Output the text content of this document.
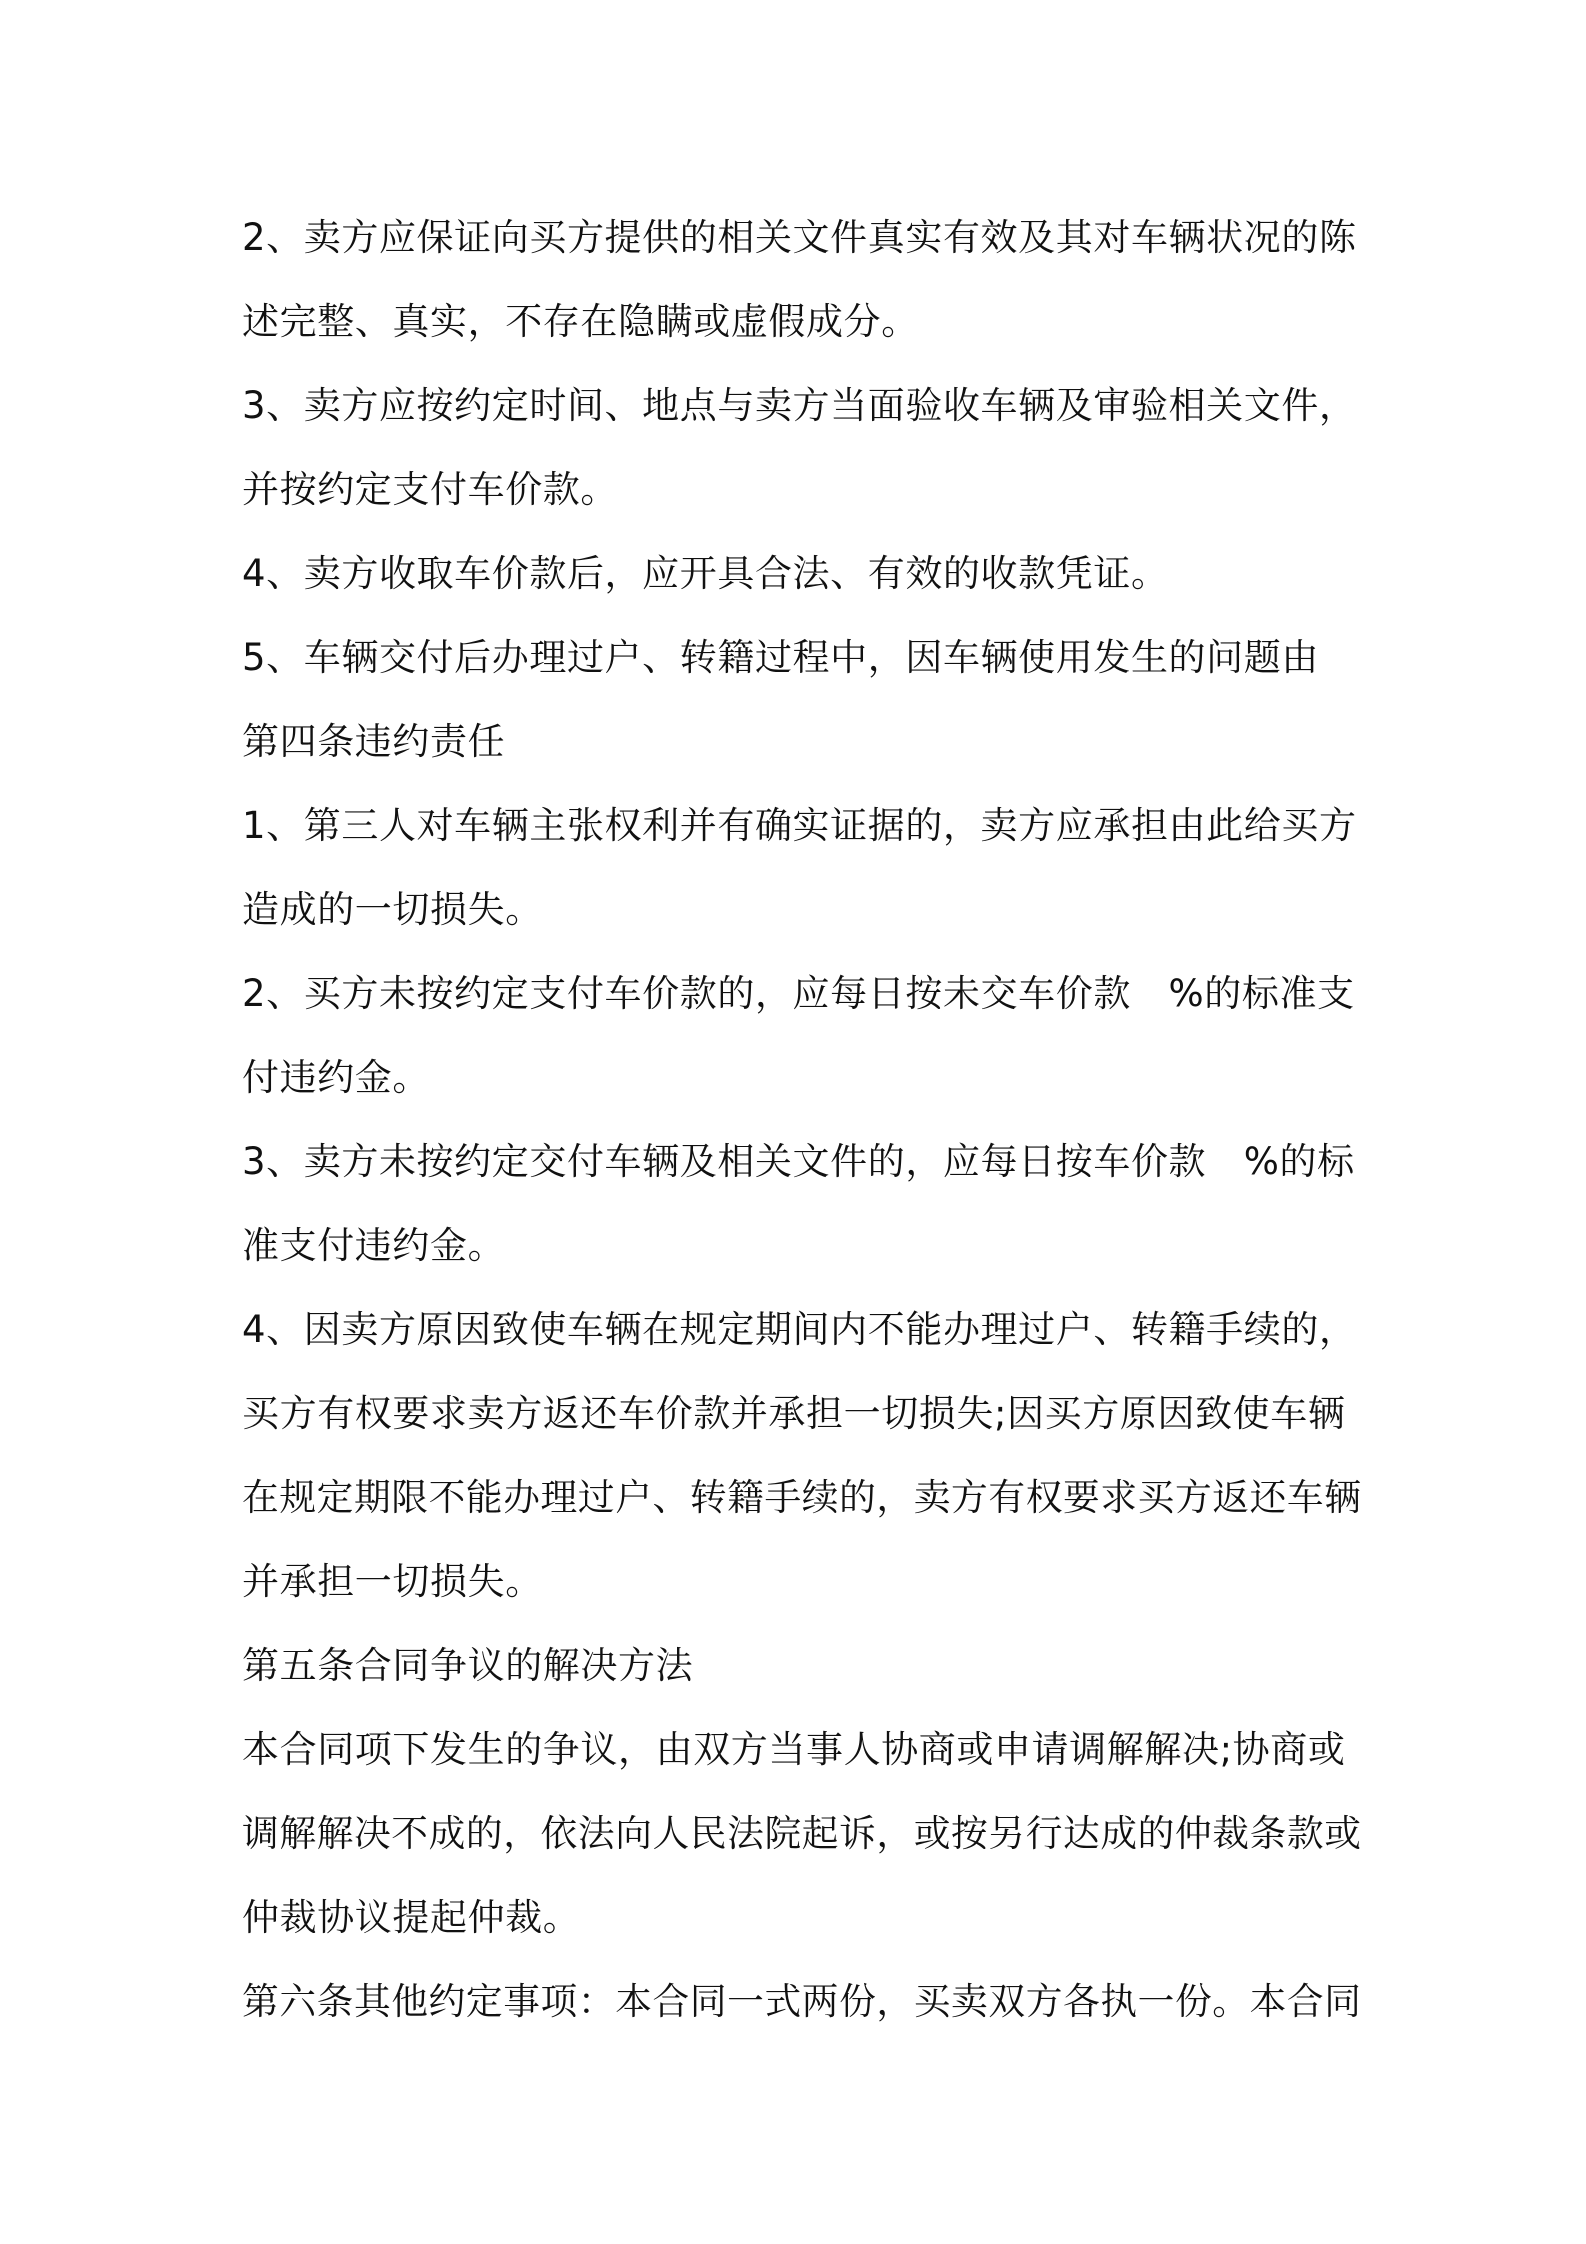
2、卖方应保证向买方提供的相关文件真实有效及其对车辆状况的陈
述完整、真实，不存在隐瞒或虚假成分。
3、卖方应按约定时间、地点与卖方当面验收车辆及审验相关文件，
并按约定支付车价款。
4、卖方收取车价款后，应开具合法、有效的收款凭证。
5、车辆交付后办理过户、转籍过程中，因车辆使用发生的问题由
第四条违约责任
1、第三人对车辆主张权利并有确实证据的，卖方应承担由此给买方
造成的一切损失。
2、买方未按约定支付车价款的，应每日按未交车价款　%的标准支
付违约金。
3、卖方未按约定交付车辆及相关文件的，应每日按车价款　%的标
准支付违约金。
4、因卖方原因致使车辆在规定期间内不能办理过户、转籍手续的，
买方有权要求卖方返还车价款并承担一切损失;因买方原因致使车辆
在规定期限不能办理过户、转籍手续的，卖方有权要求买方返还车辆
并承担一切损失。
第五条合同争议的解决方法
本合同项下发生的争议，由双方当事人协商或申请调解解决;协商或
调解解决不成的，依法向人民法院起诉，或按另行达成的仲裁条款或
仲裁协议提起仲裁。
第六条其他约定事项：本合同一式两份，买卖双方各执一份。本合同
